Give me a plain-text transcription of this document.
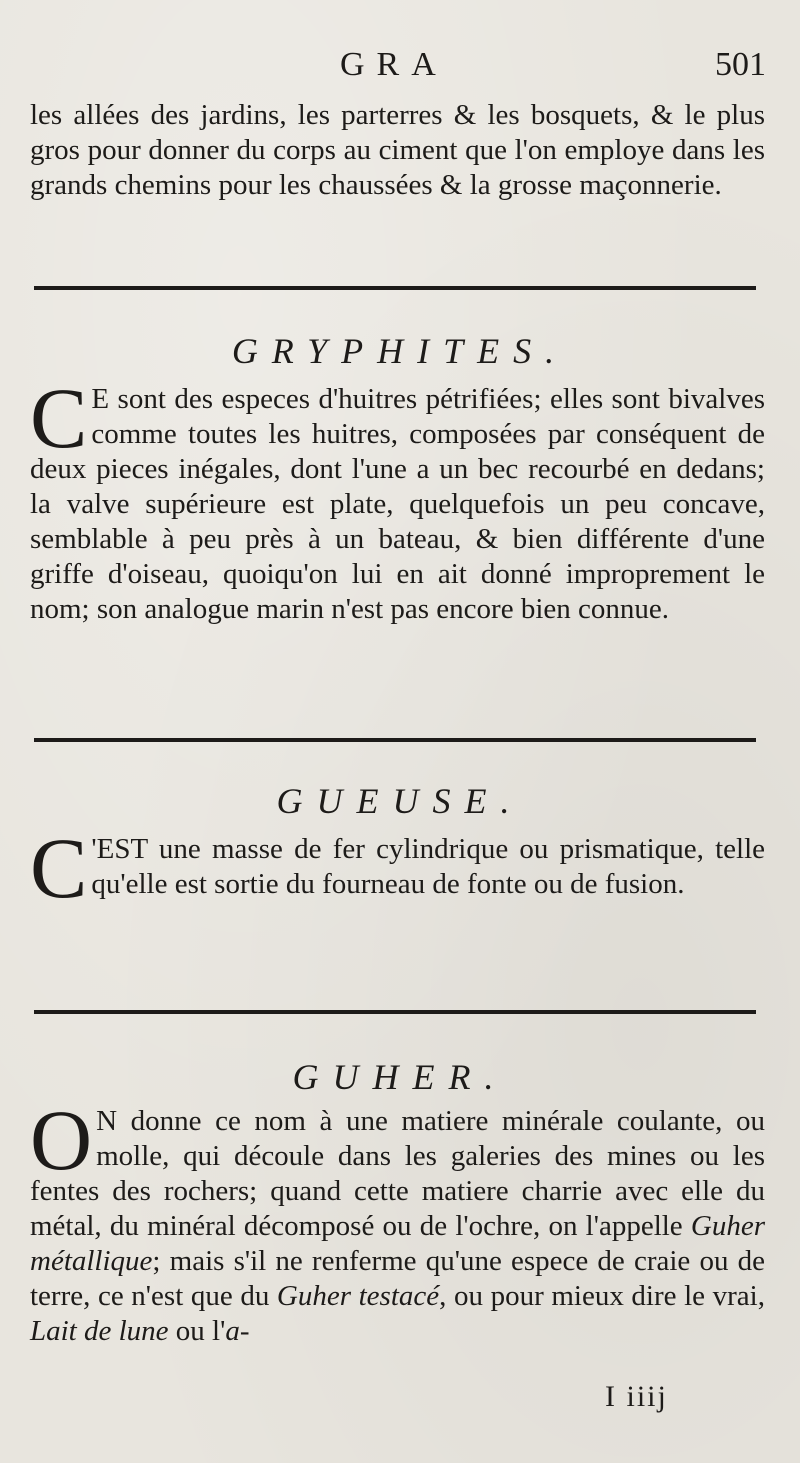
GRA	501
les allées des jardins, les parterres & les bosquets, & le plus gros pour donner du corps au ciment que l'on employe dans les grands chemins pour les chaussées & la grosse maçonnerie.
GRYPHITES.
C E sont des especes d'huitres pétrifiées; elles sont bivalves comme toutes les huitres, composées par conséquent de deux pieces inégales, dont l'une a un bec recourbé en dedans; la valve supérieure est plate, quelquefois un peu concave, semblable à peu près à un bateau, & bien différente d'une griffe d'oiseau, quoiqu'on lui en ait donné improprement le nom; son analogue marin n'est pas encore bien connue.
GUEUSE.
C 'EST une masse de fer cylindrique ou prismatique, telle qu'elle est sortie du fourneau de fonte ou de fusion.
GUHER.
O N donne ce nom à une matiere minérale coulante, ou molle, qui découle dans les galeries des mines ou les fentes des rochers; quand cette matiere charrie avec elle du métal, du minéral décomposé ou de l'ochre, on l'appelle Guher métallique; mais s'il ne renferme qu'une espece de craie ou de terre, ce n'est que du Guher testacé, ou pour mieux dire le vrai, Lait de lune ou l'a-
I iiij
